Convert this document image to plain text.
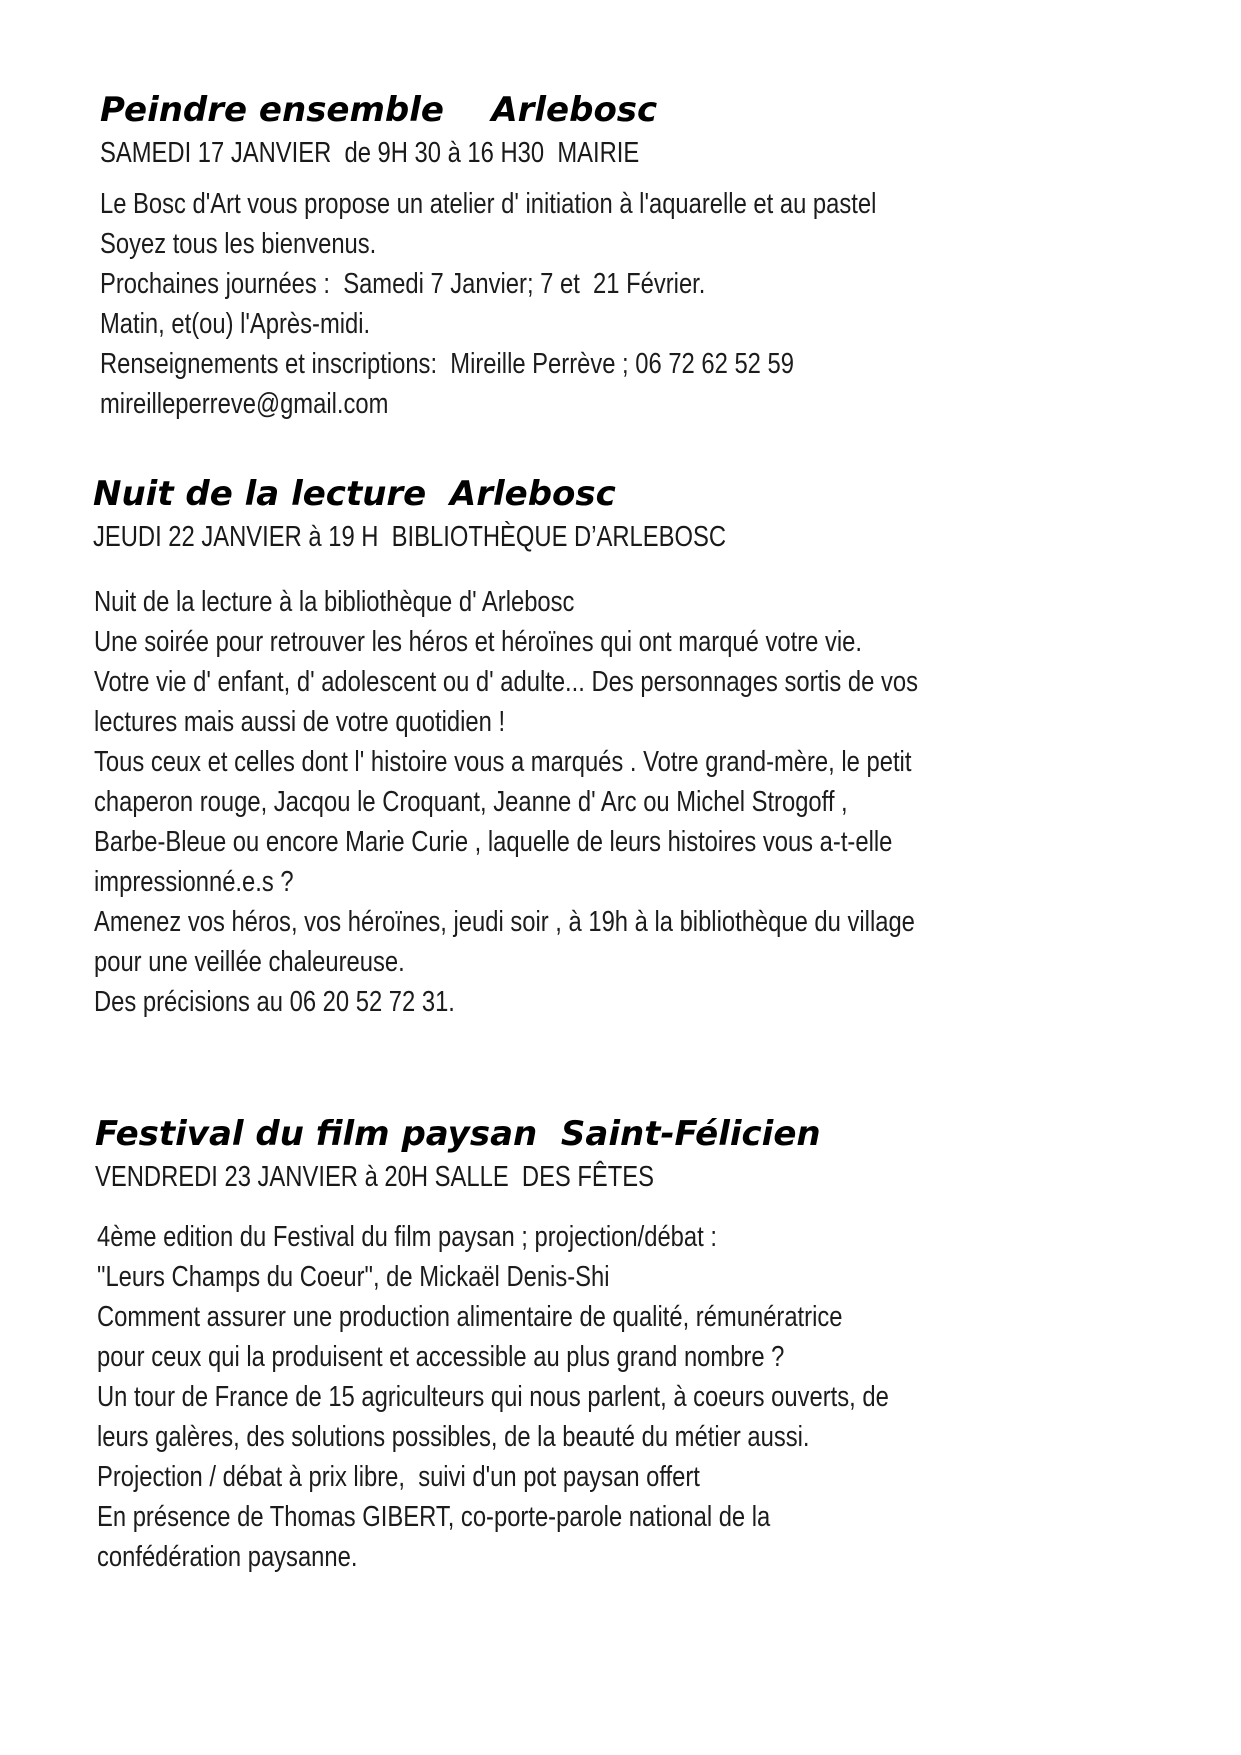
Peindre ensemble    Arlebosc
SAMEDI 17 JANVIER  de 9H 30 à 16 H30  MAIRIE
Le Bosc d'Art vous propose un atelier d' initiation à l'aquarelle et au pastel
Soyez tous les bienvenus.
Prochaines journées :  Samedi 7 Janvier; 7 et  21 Février.
Matin, et(ou) l'Après-midi.
Renseignements et inscriptions:  Mireille Perrève ; 06 72 62 52 59
mireilleperreve@gmail.com
Nuit de la lecture  Arlebosc
JEUDI 22 JANVIER à 19 H  BIBLIOTHÈQUE D’ARLEBOSC
Nuit de la lecture à la bibliothèque d' Arlebosc
Une soirée pour retrouver les héros et héroïnes qui ont marqué votre vie.
Votre vie d' enfant, d' adolescent ou d' adulte... Des personnages sortis de vos
lectures mais aussi de votre quotidien !
Tous ceux et celles dont l' histoire vous a marqués . Votre grand-mère, le petit
chaperon rouge, Jacqou le Croquant, Jeanne d' Arc ou Michel Strogoff ,
Barbe-Bleue ou encore Marie Curie , laquelle de leurs histoires vous a-t-elle
impressionné.e.s ?
Amenez vos héros, vos héroïnes, jeudi soir , à 19h à la bibliothèque du village
pour une veillée chaleureuse.
Des précisions au 06 20 52 72 31.
Festival du film paysan  Saint-Félicien
VENDREDI 23 JANVIER à 20H SALLE  DES FÊTES
4ème edition du Festival du film paysan ; projection/débat :
"Leurs Champs du Coeur", de Mickaël Denis-Shi
Comment assurer une production alimentaire de qualité, rémunératrice
pour ceux qui la produisent et accessible au plus grand nombre ?
Un tour de France de 15 agriculteurs qui nous parlent, à coeurs ouverts, de
leurs galères, des solutions possibles, de la beauté du métier aussi.
Projection / débat à prix libre,  suivi d'un pot paysan offert
En présence de Thomas GIBERT, co-porte-parole national de la
confédération paysanne.
